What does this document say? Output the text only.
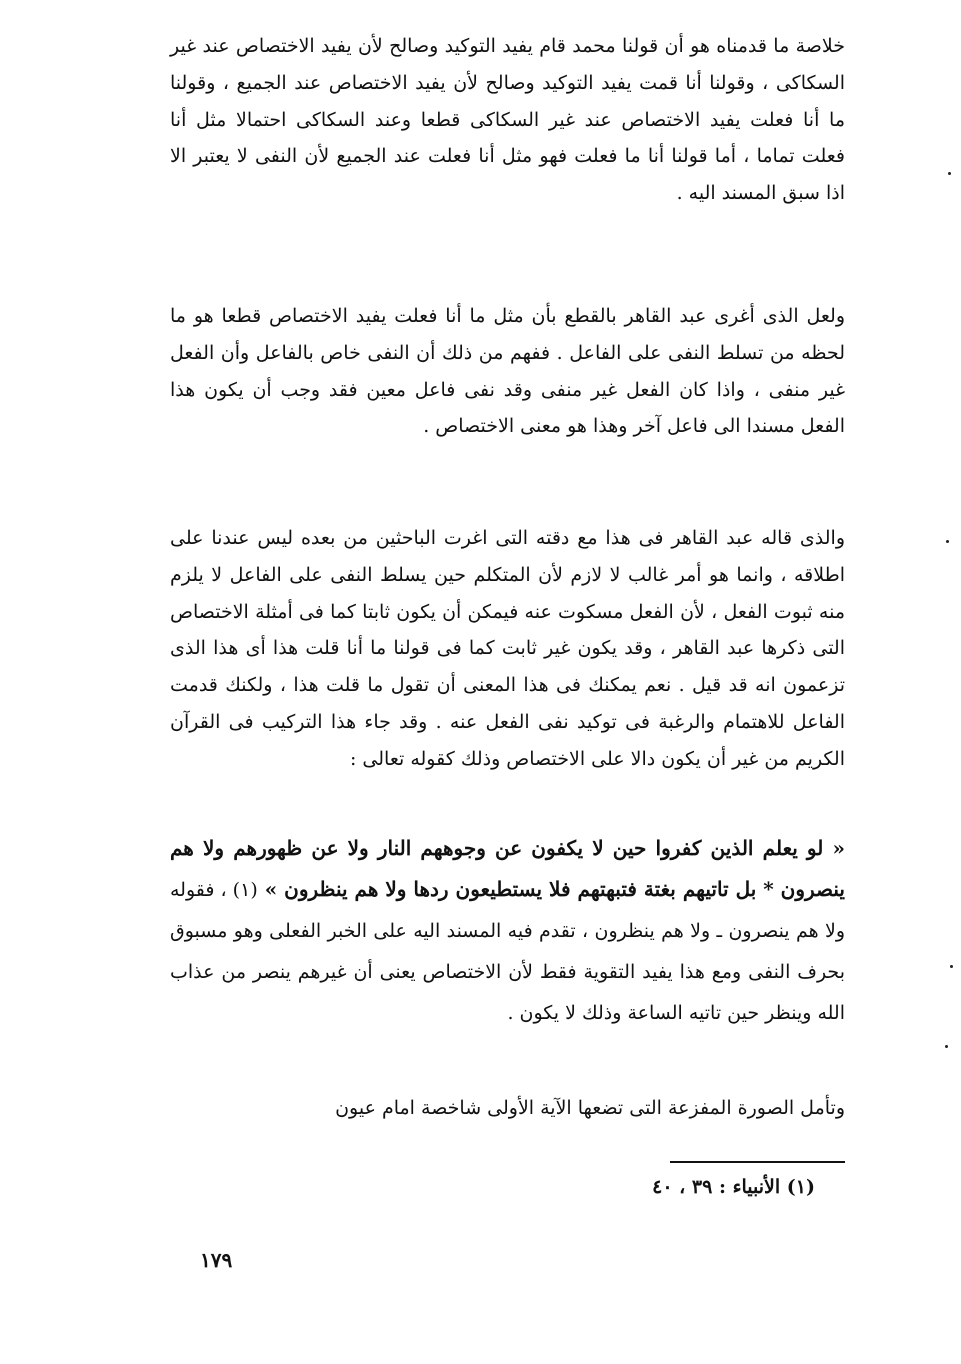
خلاصة ما قدمناه هو أن قولنا محمد قام يفيد التوكيد وصالح لأن يفيد الاختصاص عند غير السكاكى ، وقولنا أنا قمت يفيد التوكيد وصالح لأن يفيد الاختصاص عند الجميع ، وقولنا ما أنا فعلت يفيد الاختصاص عند غير السكاكى قطعا وعند السكاكى احتمالا مثل أنا فعلت تماما ، أما قولنا أنا ما فعلت فهو مثل أنا فعلت عند الجميع لأن النفى لا يعتبر الا اذا سبق المسند اليه .

ولعل الذى أغرى عبد القاهر بالقطع بأن مثل ما أنا فعلت يفيد الاختصاص قطعا هو ما لحظه من تسلط النفى على الفاعل . ففهم من ذلك أن النفى خاص بالفاعل وأن الفعل غير منفى ، واذا كان الفعل غير منفى وقد نفى فاعل معين فقد وجب أن يكون هذا الفعل مسندا الى فاعل آخر وهذا هو معنى الاختصاص .

والذى قاله عبد القاهر فى هذا مع دقته التى اغرت الباحثين من بعده ليس عندنا على اطلاقه ، وانما هو أمر غالب لا لازم لأن المتكلم حين يسلط النفى على الفاعل لا يلزم منه ثبوت الفعل ، لأن الفعل مسكوت عنه فيمكن أن يكون ثابتا كما فى أمثلة الاختصاص التى ذكرها عبد القاهر ، وقد يكون غير ثابت كما فى قولنا ما أنا قلت هذا أى هذا الذى تزعمون انه قد قيل . نعم يمكنك فى هذا المعنى أن تقول ما قلت هذا ، ولكنك قدمت الفاعل للاهتمام والرغبة فى توكيد نفى الفعل عنه . وقد جاء هذا التركيب فى القرآن الكريم من غير أن يكون دالا على الاختصاص وذلك كقوله تعالى :

« لو يعلم الذين كفروا حين لا يكفون عن وجوههم النار ولا عن ظهورهم ولا هم ينصرون * بل تاتيهم بغتة فتبهتهم فلا يستطيعون ردها ولا هم ينظرون » (١) ، فقوله ولا هم ينصرون ـ ولا هم ينظرون ، تقدم فيه المسند اليه على الخبر الفعلى وهو مسبوق بحرف النفى ومع هذا يفيد التقوية فقط لأن الاختصاص يعنى أن غيرهم ينصر من عذاب الله وينظر حين تاتيه الساعة وذلك لا يكون .

وتأمل الصورة المفزعة التى تضعها الآية الأولى شاخصة امام عيون

(١) الأنبياء : ٣٩ ، ٤٠
١٧٩
